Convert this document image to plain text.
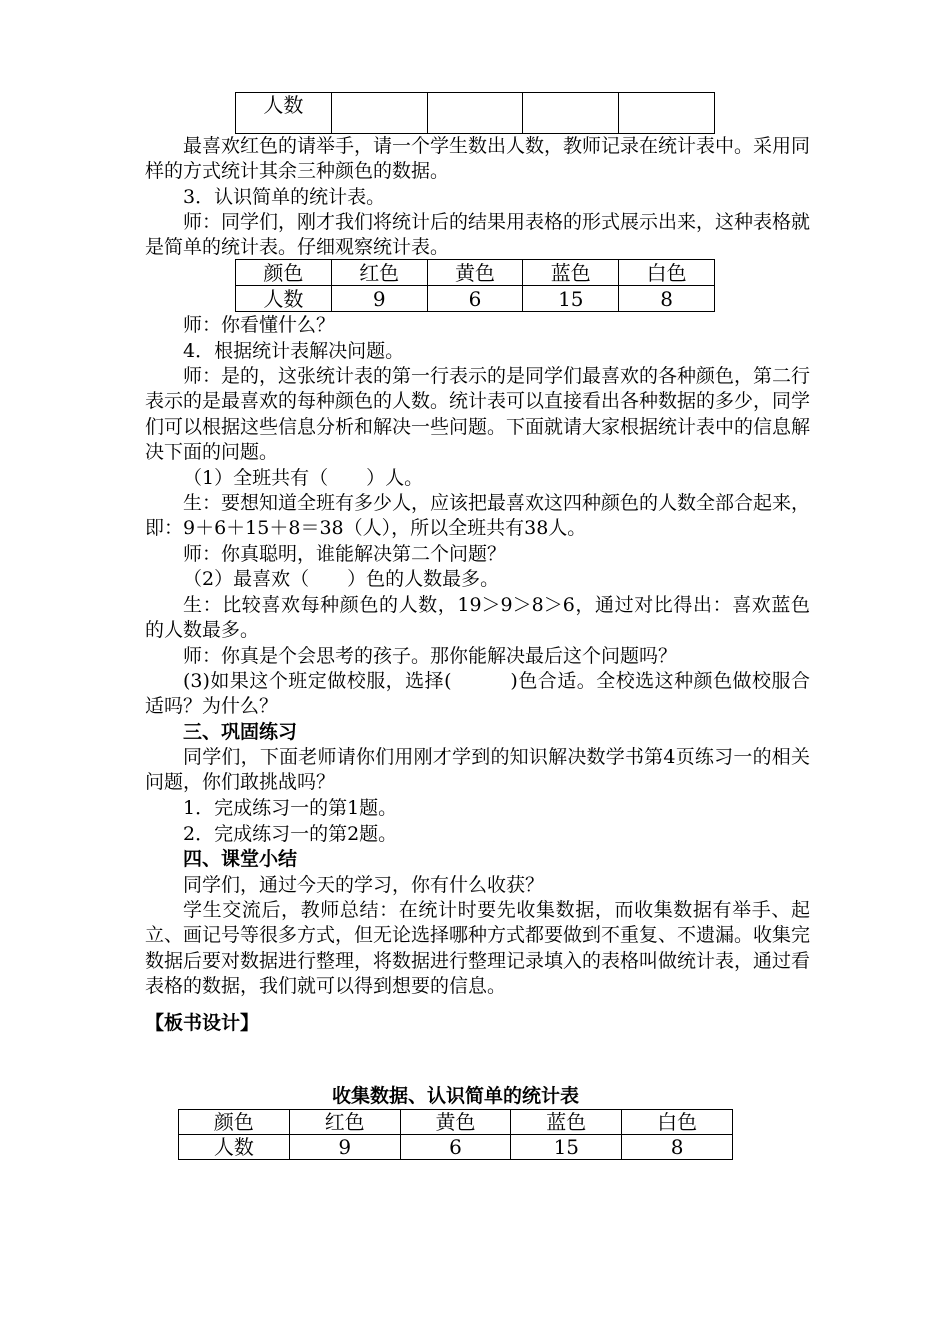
人数				

最喜欢红色的请举手，请一个学生数出人数，教师记录在统计表中。采用同样的方式统计其余三种颜色的数据。

3．认识简单的统计表。

师：同学们，刚才我们将统计后的结果用表格的形式展示出来，这种表格就是简单的统计表。仔细观察统计表。

颜色	红色	黄色	蓝色	白色
人数	9	6	15	8

师：你看懂什么？

4．根据统计表解决问题。

师：是的，这张统计表的第一行表示的是同学们最喜欢的各种颜色，第二行表示的是最喜欢的每种颜色的人数。统计表可以直接看出各种数据的多少，同学们可以根据这些信息分析和解决一些问题。下面就请大家根据统计表中的信息解决下面的问题。

（1）全班共有（　　）人。

生：要想知道全班有多少人，应该把最喜欢这四种颜色的人数全部合起来，即：9＋6＋15＋8＝38（人），所以全班共有38人。

师：你真聪明，谁能解决第二个问题？

（2）最喜欢（　　）色的人数最多。

生：比较喜欢每种颜色的人数，19＞9＞8＞6，通过对比得出：喜欢蓝色的人数最多。

师：你真是个会思考的孩子。那你能解决最后这个问题吗？

(3)如果这个班定做校服，选择(　　　)色合适。全校选这种颜色做校服合适吗？为什么？

三、巩固练习

同学们，下面老师请你们用刚才学到的知识解决数学书第4页练习一的相关问题，你们敢挑战吗？

1．完成练习一的第1题。

2．完成练习一的第2题。

四、课堂小结

同学们，通过今天的学习，你有什么收获？

学生交流后，教师总结：在统计时要先收集数据，而收集数据有举手、起立、画记号等很多方式，但无论选择哪种方式都要做到不重复、不遗漏。收集完数据后要对数据进行整理，将数据进行整理记录填入的表格叫做统计表，通过看表格的数据，我们就可以得到想要的信息。

【板书设计】

收集数据、认识简单的统计表

颜色	红色	黄色	蓝色	白色
人数	9	6	15	8
